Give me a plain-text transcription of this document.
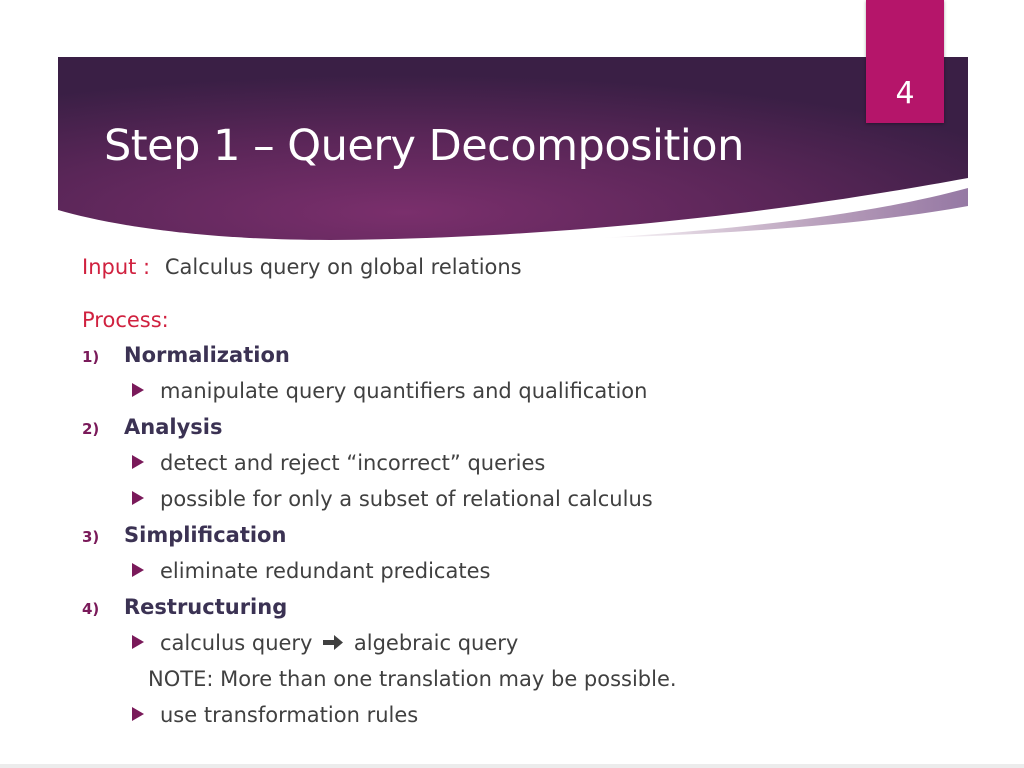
4
Step 1 – Query Decomposition
Input : Calculus query on global relations
Process:
1) Normalization
manipulate query quantifiers and qualification
2) Analysis
detect and reject “incorrect” queries
possible for only a subset of relational calculus
3) Simplification
eliminate redundant predicates
4) Restructuring
calculus query algebraic query
NOTE: More than one translation may be possible.
use transformation rules
